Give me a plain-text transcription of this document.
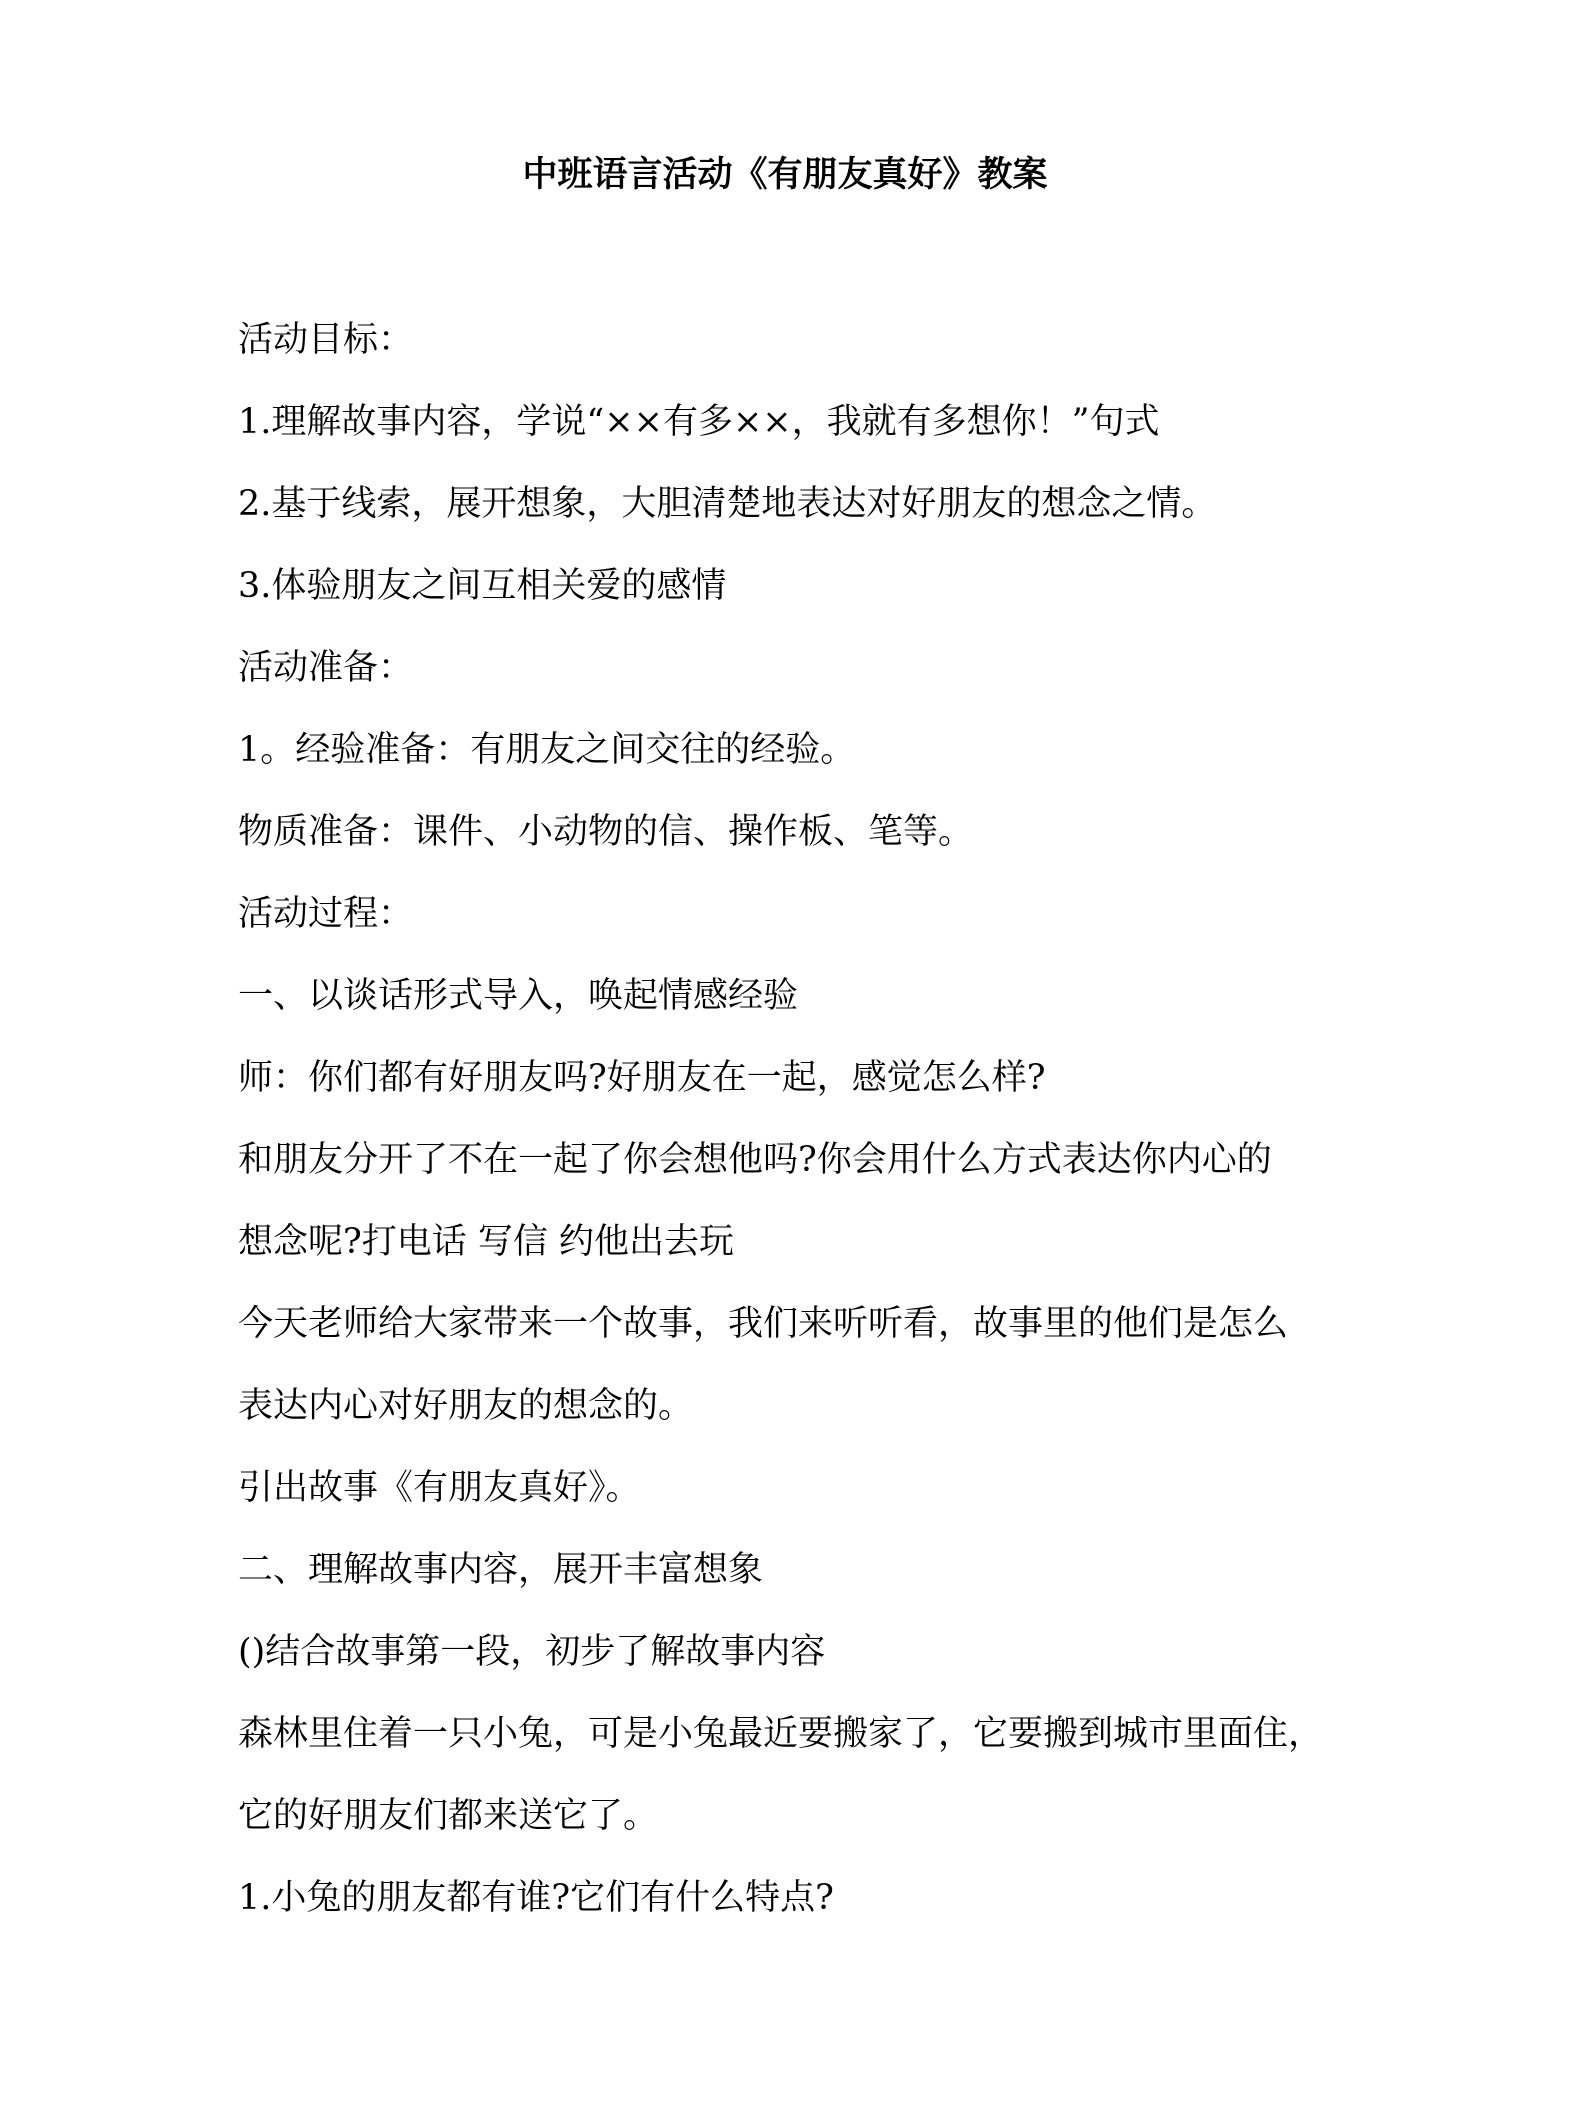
中班语言活动《有朋友真好》教案
活动目标：
1.理解故事内容，学说“××有多××，我就有多想你！”句式
2.基于线索，展开想象，大胆清楚地表达对好朋友的想念之情。
3.体验朋友之间互相关爱的感情
活动准备：
1。经验准备：有朋友之间交往的经验。
物质准备：课件、小动物的信、操作板、笔等。
活动过程：
一、以谈话形式导入，唤起情感经验
师：你们都有好朋友吗?好朋友在一起，感觉怎么样?
和朋友分开了不在一起了你会想他吗?你会用什么方式表达你内心的
想念呢?打电话 写信 约他出去玩
今天老师给大家带来一个故事，我们来听听看，故事里的他们是怎么
表达内心对好朋友的想念的。
引出故事《有朋友真好》。
二、理解故事内容，展开丰富想象
()结合故事第一段，初步了解故事内容
森林里住着一只小兔，可是小兔最近要搬家了，它要搬到城市里面住，
它的好朋友们都来送它了。
1.小兔的朋友都有谁?它们有什么特点?
